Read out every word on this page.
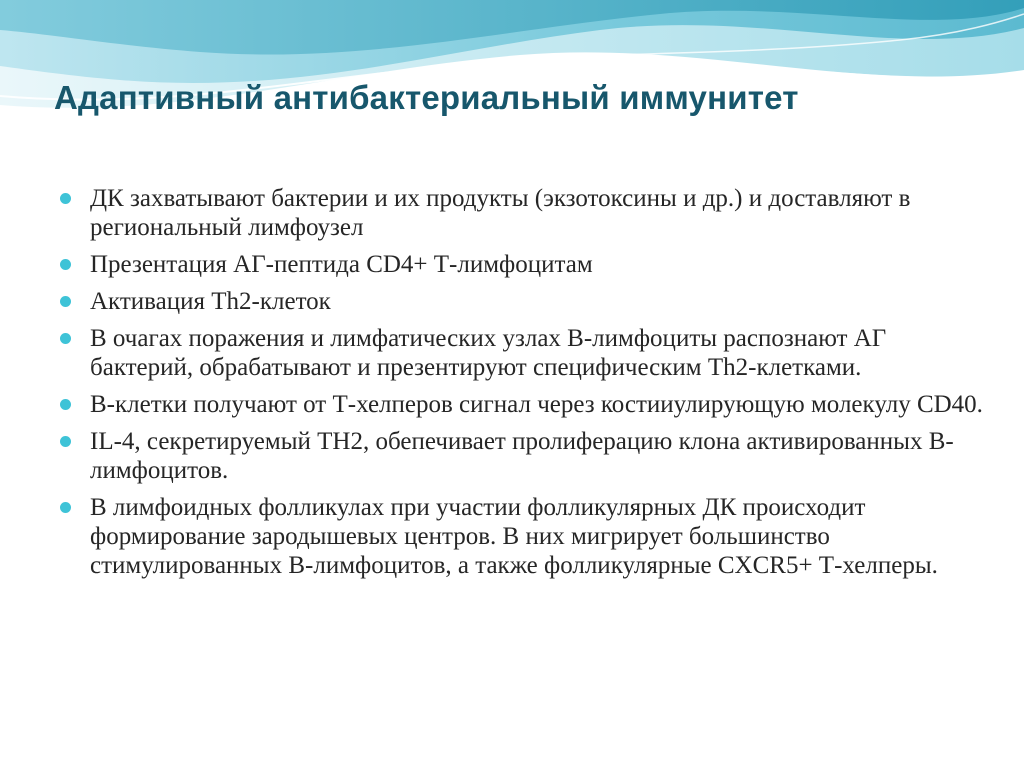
Адаптивный антибактериальный иммунитет
ДК захватывают бактерии и их продукты (экзотоксины и др.) и доставляют в региональный лимфоузел
Презентация АГ-пептида CD4+ Т-лимфоцитам
Активация Th2-клеток
В очагах поражения и лимфатических узлах В-лимфоциты распознают АГ бактерий, обрабатывают и презентируют специфическим Th2-клетками.
В-клетки получают от Т-хелперов сигнал через костииулирующую молекулу CD40.
IL-4, секретируемый ТН2, обепечивает пролиферацию клона активированных В-лимфоцитов.
В лимфоидных фолликулах при участии фолликулярных ДК происходит формирование зародышевых центров. В них мигрирует большинство стимулированных В-лимфоцитов, а также фолликулярные CXCR5+ Т-хелперы.
